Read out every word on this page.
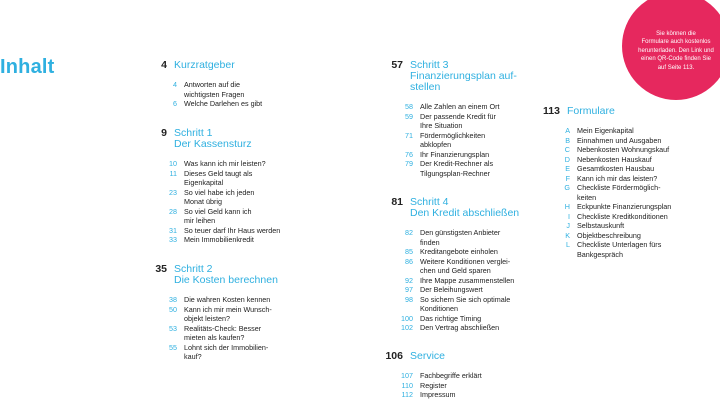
Inhalt
Sie können die
Formulare auch kostenlos
herunterladen. Den Link und
einen QR-Code finden Sie
auf Seite 113.
4 Kurzratgeber
4 Antworten auf die
wichtigsten Fragen
6 Welche Darlehen es gibt
9 Schritt 1
Der Kassensturz
10 Was kann ich mir leisten?
11 Dieses Geld taugt als
Eigenkapital
23 So viel habe ich jeden
Monat übrig
28 So viel Geld kann ich
mir leihen
31 So teuer darf Ihr Haus werden
33 Mein Immobilienkredit
35 Schritt 2
Die Kosten berechnen
38 Die wahren Kosten kennen
50 Kann ich mir mein Wunsch-
objekt leisten?
53 Realitäts-Check: Besser
mieten als kaufen?
55 Lohnt sich der Immobilien-
kauf?
57 Schritt 3
Finanzierungsplan auf-
stellen
58 Alle Zahlen an einem Ort
59 Der passende Kredit für
Ihre Situation
71 Fördermöglichkeiten
abklopfen
76 Ihr Finanzierungsplan
79 Der Kredit-Rechner als
Tilgungsplan-Rechner
81 Schritt 4
Den Kredit abschließen
82 Den günstigsten Anbieter
finden
85 Kreditangebote einholen
86 Weitere Konditionen verglei-
chen und Geld sparen
92 Ihre Mappe zusammenstellen
97 Der Beleihungswert
98 So sichern Sie sich optimale
Konditionen
100 Das richtige Timing
102 Den Vertrag abschließen
106 Service
107 Fachbegriffe erklärt
110 Register
112 Impressum
113 Formulare
A Mein Eigenkapital
B Einnahmen und Ausgaben
C Nebenkosten Wohnungskauf
D Nebenkosten Hauskauf
E Gesamtkosten Hausbau
F Kann ich mir das leisten?
G Checkliste Fördermöglich-
keiten
H Eckpunkte Finanzierungsplan
I Checkliste Kreditkonditionen
J Selbstauskunft
K Objektbeschreibung
L Checkliste Unterlagen fürs
Bankgespräch
